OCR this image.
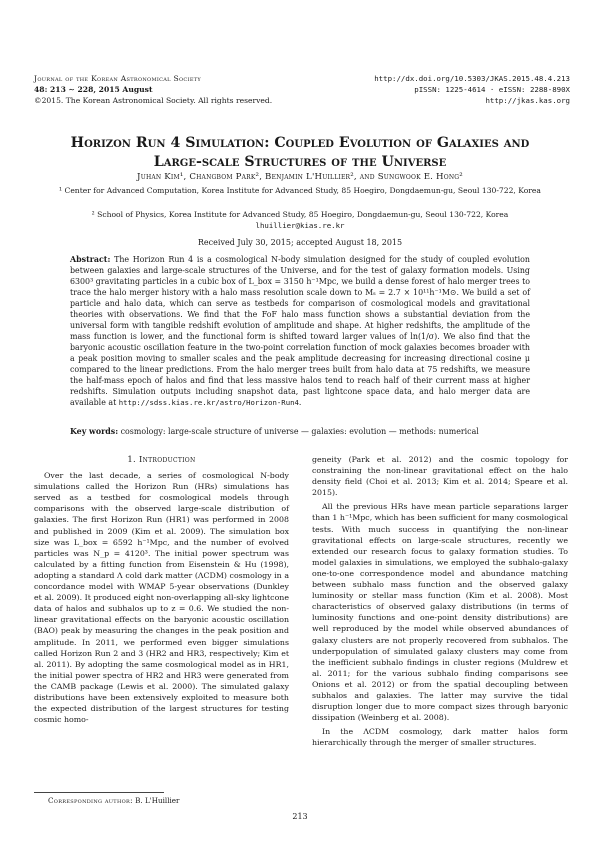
Journal of the Korean Astronomical Society
48: 213 ∼ 228, 2015 August
©2015. The Korean Astronomical Society. All rights reserved.
http://dx.doi.org/10.5303/JKAS.2015.48.4.213
pISSN: 1225-4614 · eISSN: 2288-890X
http://jkas.kas.org
Horizon Run 4 Simulation: Coupled Evolution of Galaxies and
Large-scale Structures of the Universe
Juhan Kim¹, Changbom Park², Benjamin L'Huillier², and Sungwook E. Hong²
¹ Center for Advanced Computation, Korea Institute for Advanced Study, 85 Hoegiro, Dongdaemun-gu, Seoul 130-722, Korea
² School of Physics, Korea Institute for Advanced Study, 85 Hoegiro, Dongdaemun-gu, Seoul 130-722, Korea
lhuillier@kias.re.kr
Received July 30, 2015; accepted August 18, 2015
Abstract: The Horizon Run 4 is a cosmological N-body simulation designed for the study of coupled evolution between galaxies and large-scale structures of the Universe, and for the test of galaxy formation models. Using 6300³ gravitating particles in a cubic box of L_box = 3150 h⁻¹Mpc, we build a dense forest of halo merger trees to trace the halo merger history with a halo mass resolution scale down to Mₛ = 2.7 × 10¹¹h⁻¹M⊙. We build a set of particle and halo data, which can serve as testbeds for comparison of cosmological models and gravitational theories with observations. We find that the FoF halo mass function shows a substantial deviation from the universal form with tangible redshift evolution of amplitude and shape. At higher redshifts, the amplitude of the mass function is lower, and the functional form is shifted toward larger values of ln(1/σ). We also find that the baryonic acoustic oscillation feature in the two-point correlation function of mock galaxies becomes broader with a peak position moving to smaller scales and the peak amplitude decreasing for increasing directional cosine μ compared to the linear predictions. From the halo merger trees built from halo data at 75 redshifts, we measure the half-mass epoch of halos and find that less massive halos tend to reach half of their current mass at higher redshifts. Simulation outputs including snapshot data, past lightcone space data, and halo merger data are available at http://sdss.kias.re.kr/astro/Horizon-Run4.
Key words: cosmology: large-scale structure of universe — galaxies: evolution — methods: numerical
1. Introduction

Over the last decade, a series of cosmological N-body simulations called the Horizon Run (HRs) simulations has served as a testbed for cosmological models through comparisons with the observed large-scale distribution of galaxies. The first Horizon Run (HR1) was performed in 2008 and published in 2009 (Kim et al. 2009). The simulation box size was L_box = 6592 h⁻¹Mpc, and the number of evolved particles was N_p = 4120³. The initial power spectrum was calculated by a fitting function from Eisenstein & Hu (1998), adopting a standard Λ cold dark matter (ΛCDM) cosmology in a concordance model with WMAP 5-year observations (Dunkley et al. 2009). It produced eight non-overlapping all-sky lightcone data of halos and subhalos up to z = 0.6. We studied the non-linear gravitational effects on the baryonic acoustic oscillation (BAO) peak by measuring the changes in the peak position and amplitude. In 2011, we performed even bigger simulations called Horizon Run 2 and 3 (HR2 and HR3, respectively; Kim et al. 2011). By adopting the same cosmological model as in HR1, the initial power spectra of HR2 and HR3 were generated from the CAMB package (Lewis et al. 2000). The simulated galaxy distributions have been extensively exploited to measure both the expected distribution of the largest structures for testing cosmic homo-

geneity (Park et al. 2012) and the cosmic topology for constraining the non-linear gravitational effect on the halo density field (Choi et al. 2013; Kim et al. 2014; Speare et al. 2015).

All the previous HRs have mean particle separations larger than 1 h⁻¹Mpc, which has been sufficient for many cosmological tests. With much success in quantifying the non-linear gravitational effects on large-scale structures, recently we extended our research focus to galaxy formation studies. To model galaxies in simulations, we employed the subhalo-galaxy one-to-one correspondence model and abundance matching between subhalo mass function and the observed galaxy luminosity or stellar mass function (Kim et al. 2008). Most characteristics of observed galaxy distributions (in terms of luminosity functions and one-point density distributions) are well reproduced by the model while observed abundances of galaxy clusters are not properly recovered from subhalos. The underpopulation of simulated galaxy clusters may come from the inefficient subhalo findings in cluster regions (Muldrew et al. 2011; for the various subhalo finding comparisons see Onions et al. 2012) or from the spatial decoupling between subhalos and galaxies. The latter may survive the tidal disruption longer due to more compact sizes through baryonic dissipation (Weinberg et al. 2008).

In the ΛCDM cosmology, dark matter halos form hierarchically through the merger of smaller structures.

Corresponding author: B. L'Huillier
213
